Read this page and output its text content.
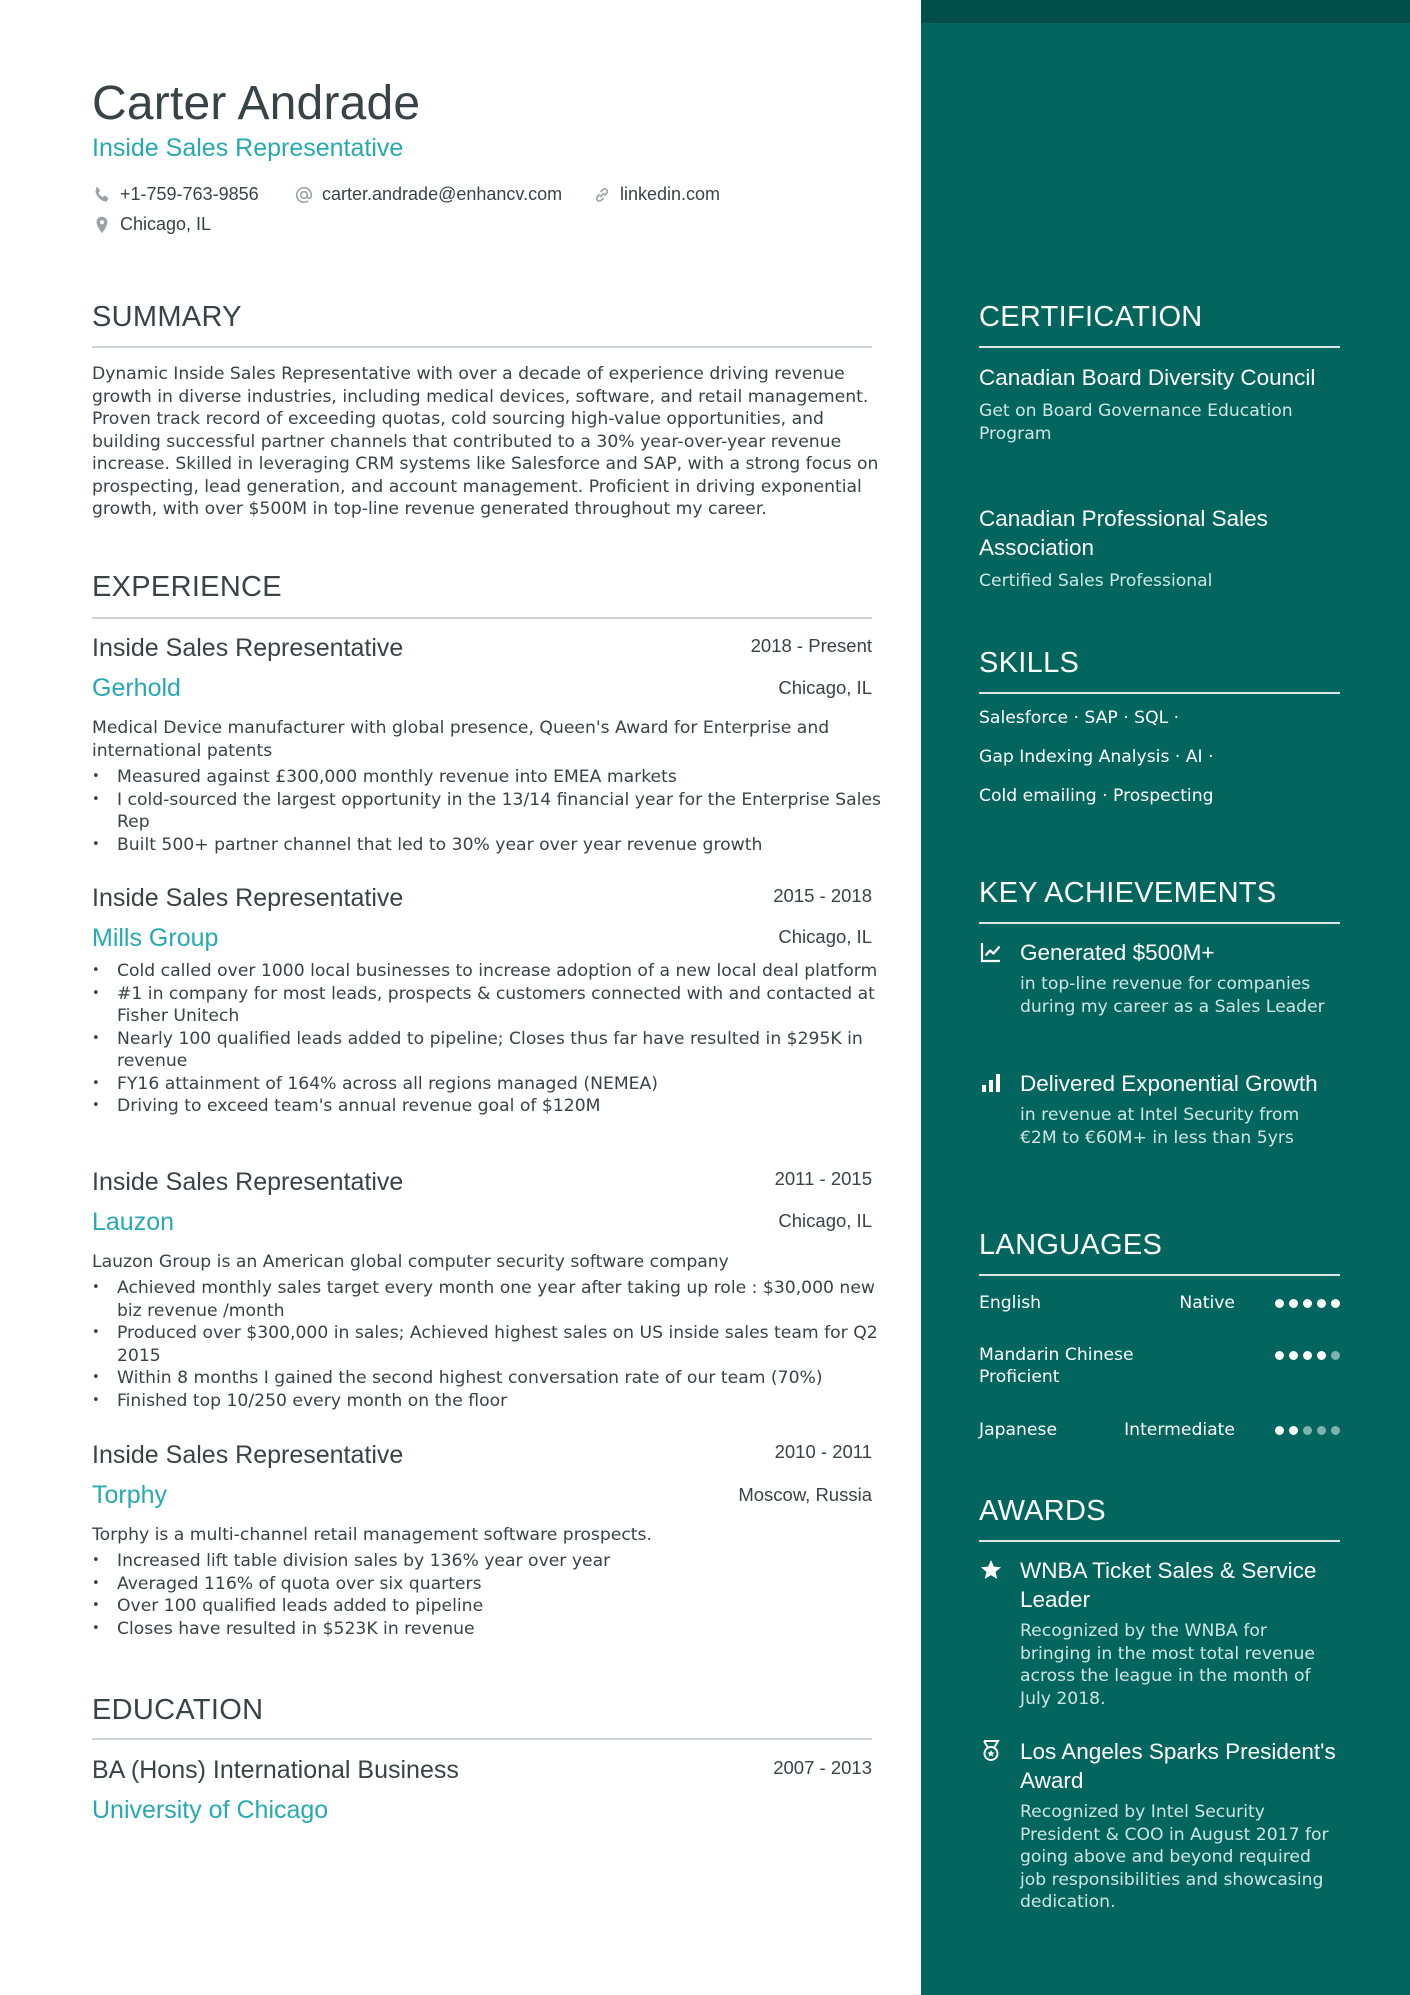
Carter Andrade
Inside Sales Representative
+1-759-763-9856	carter.andrade@enhancv.com	linkedin.com
Chicago, IL
SUMMARY
Dynamic Inside Sales Representative with over a decade of experience driving revenue growth in diverse industries, including medical devices, software, and retail management. Proven track record of exceeding quotas, cold sourcing high-value opportunities, and building successful partner channels that contributed to a 30% year-over-year revenue increase. Skilled in leveraging CRM systems like Salesforce and SAP, with a strong focus on prospecting, lead generation, and account management. Proficient in driving exponential growth, with over $500M in top-line revenue generated throughout my career.
EXPERIENCE
Inside Sales Representative	2018 - Present
Gerhold	Chicago, IL
Medical Device manufacturer with global presence, Queen's Award for Enterprise and international patents
• Measured against £300,000 monthly revenue into EMEA markets
• I cold-sourced the largest opportunity in the 13/14 financial year for the Enterprise Sales Rep
• Built 500+ partner channel that led to 30% year over year revenue growth
Inside Sales Representative	2015 - 2018
Mills Group	Chicago, IL
• Cold called over 1000 local businesses to increase adoption of a new local deal platform
• #1 in company for most leads, prospects & customers connected with and contacted at Fisher Unitech
• Nearly 100 qualified leads added to pipeline; Closes thus far have resulted in $295K in revenue
• FY16 attainment of 164% across all regions managed (NEMEA)
• Driving to exceed team's annual revenue goal of $120M
Inside Sales Representative	2011 - 2015
Lauzon	Chicago, IL
Lauzon Group is an American global computer security software company
• Achieved monthly sales target every month one year after taking up role : $30,000 new biz revenue /month
• Produced over $300,000 in sales; Achieved highest sales on US inside sales team for Q2 2015
• Within 8 months I gained the second highest conversation rate of our team (70%)
• Finished top 10/250 every month on the floor
Inside Sales Representative	2010 - 2011
Torphy	Moscow, Russia
Torphy is a multi-channel retail management software prospects.
• Increased lift table division sales by 136% year over year
• Averaged 116% of quota over six quarters
• Over 100 qualified leads added to pipeline
• Closes have resulted in $523K in revenue
EDUCATION
BA (Hons) International Business	2007 - 2013
University of Chicago
CERTIFICATION
Canadian Board Diversity Council
Get on Board Governance Education Program
Canadian Professional Sales Association
Certified Sales Professional
SKILLS
Salesforce · SAP · SQL ·
Gap Indexing Analysis · AI ·
Cold emailing · Prospecting
KEY ACHIEVEMENTS
Generated $500M+
in top-line revenue for companies during my career as a Sales Leader
Delivered Exponential Growth
in revenue at Intel Security from €2M to €60M+ in less than 5yrs
LANGUAGES
English	Native
Mandarin Chinese
Proficient
Japanese	Intermediate
AWARDS
WNBA Ticket Sales & Service Leader
Recognized by the WNBA for bringing in the most total revenue across the league in the month of July 2018.
Los Angeles Sparks President's Award
Recognized by Intel Security President & COO in August 2017 for going above and beyond required job responsibilities and showcasing dedication.
